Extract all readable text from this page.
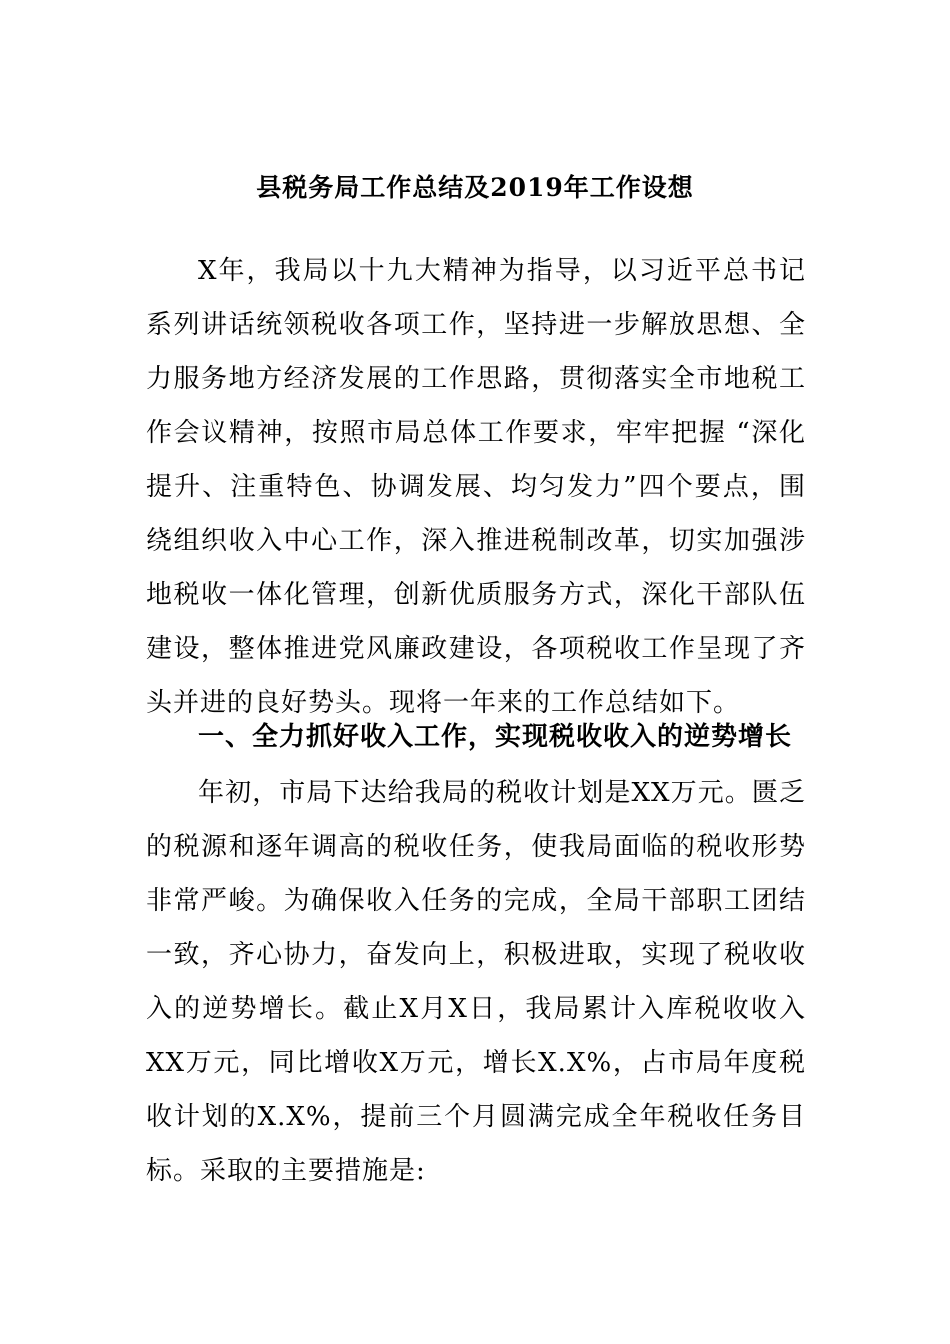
县税务局工作总结及2019年工作设想

X年，我局以十九大精神为指导，以习近平总书记系列讲话统领税收各项工作，坚持进一步解放思想、全力服务地方经济发展的工作思路，贯彻落实全市地税工作会议精神，按照市局总体工作要求，牢牢把握 “深化提升、注重特色、协调发展、均匀发力”四个要点，围绕组织收入中心工作，深入推进税制改革，切实加强涉地税收一体化管理，创新优质服务方式，深化干部队伍建设，整体推进党风廉政建设，各项税收工作呈现了齐头并进的良好势头。现将一年来的工作总结如下。

一、全力抓好收入工作，实现税收收入的逆势增长

年初，市局下达给我局的税收计划是XX万元。匮乏的税源和逐年调高的税收任务，使我局面临的税收形势非常严峻。为确保收入任务的完成，全局干部职工团结一致，齐心协力，奋发向上，积极进取，实现了税收收入的逆势增长。截止X月X日，我局累计入库税收收入XX万元，同比增收X万元，增长X.X%，占市局年度税收计划的X.X%，提前三个月圆满完成全年税收任务目标。采取的主要措施是:
